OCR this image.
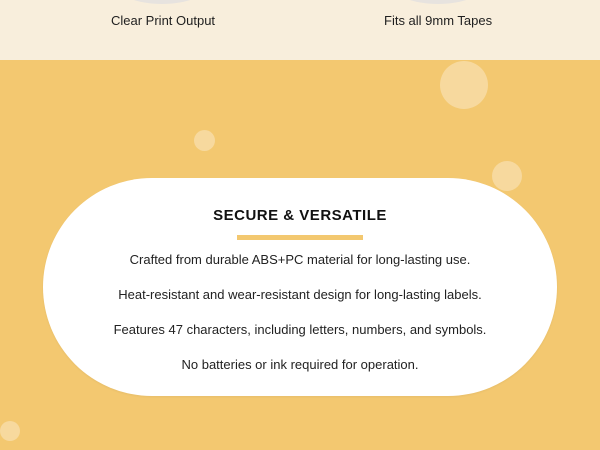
Clear Print Output	Fits all 9mm Tapes
SECURE & VERSATILE
Crafted from durable ABS+PC material for long-lasting use.
Heat-resistant and wear-resistant design for long-lasting labels.
Features 47 characters, including letters, numbers, and symbols.
No batteries or ink required for operation.
